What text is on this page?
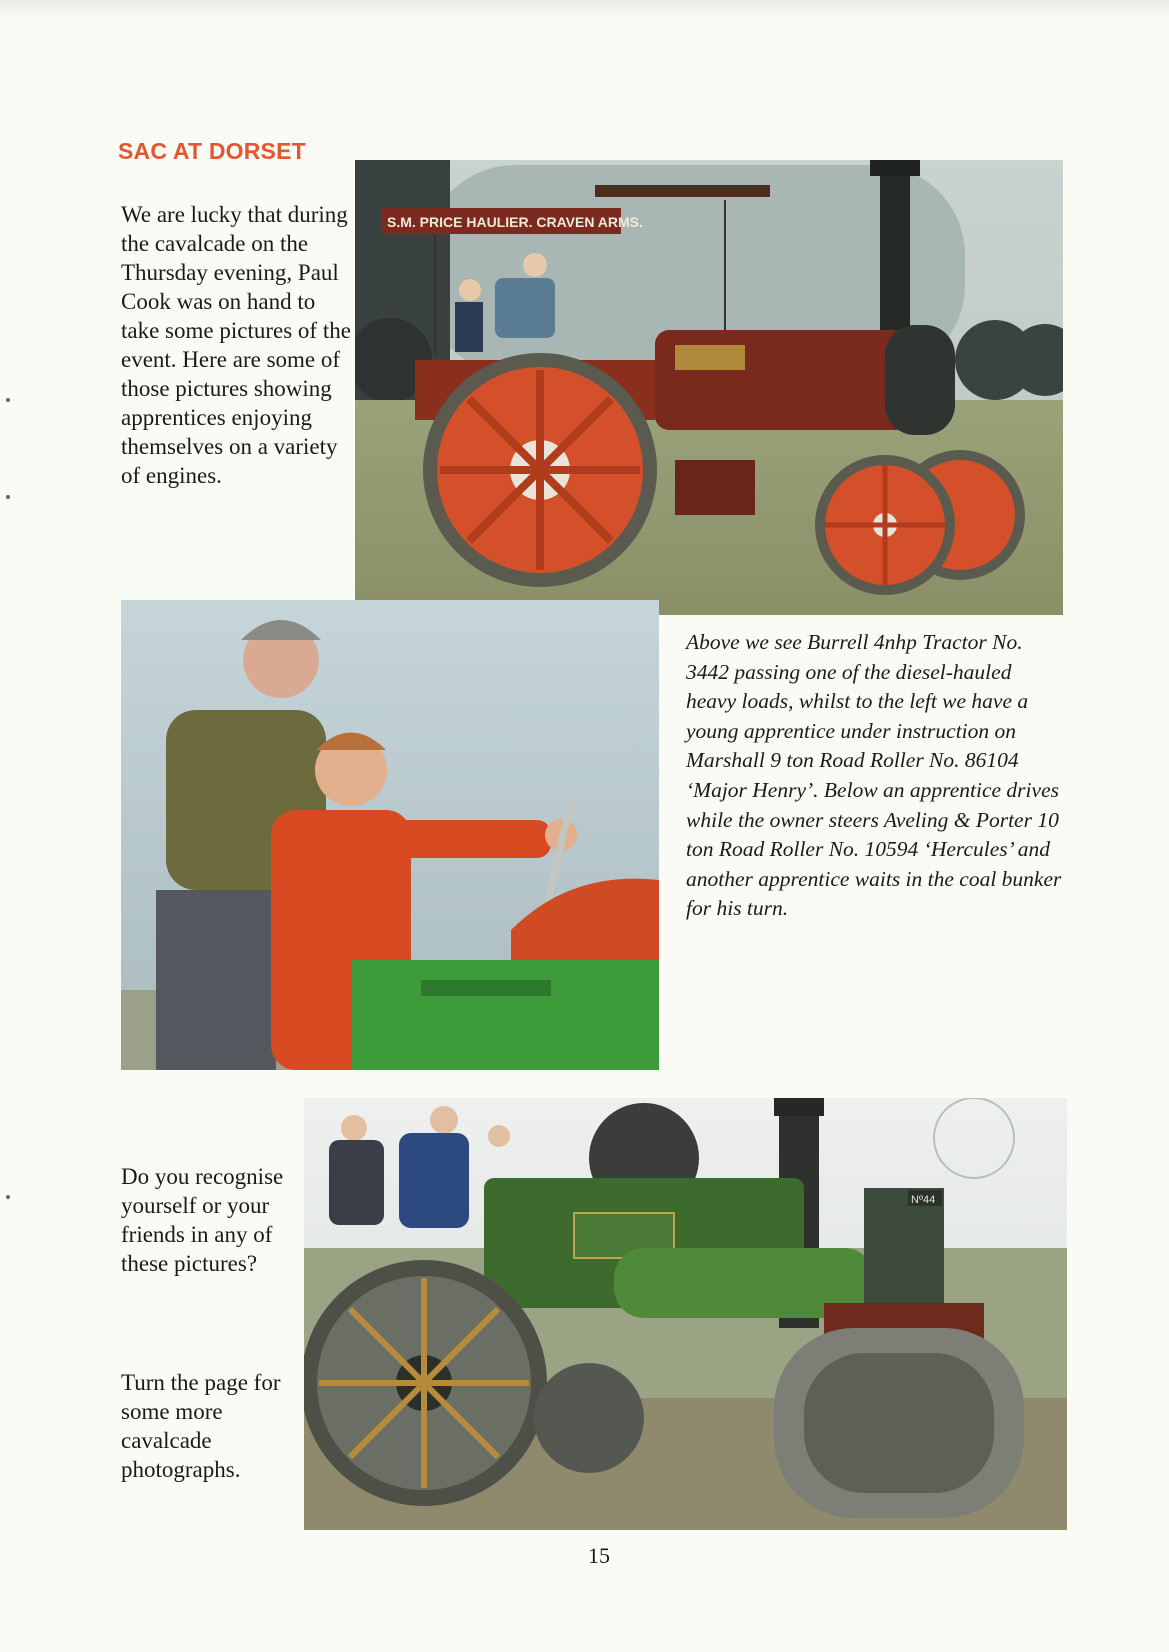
SAC AT DORSET

We are lucky that during the cavalcade on the Thursday evening, Paul Cook was on hand to take some pictures of the event. Here are some of those pictures showing apprentices enjoying themselves on a variety of engines.

S.M. PRICE HAULIER. CRAVEN ARMS.

Above we see Burrell 4nhp Tractor No. 3442 passing one of the diesel-hauled heavy loads, whilst to the left we have a young apprentice under instruction on Marshall 9 ton Road Roller No. 86104 ‘Major Henry’. Below an apprentice drives while the owner steers Aveling & Porter 10 ton Road Roller No. 10594 ‘Hercules’ and another apprentice waits in the coal bunker for his turn.

Nº44

Do you recognise yourself or your friends in any of these pictures?

Turn the page for some more cavalcade photographs.

15
